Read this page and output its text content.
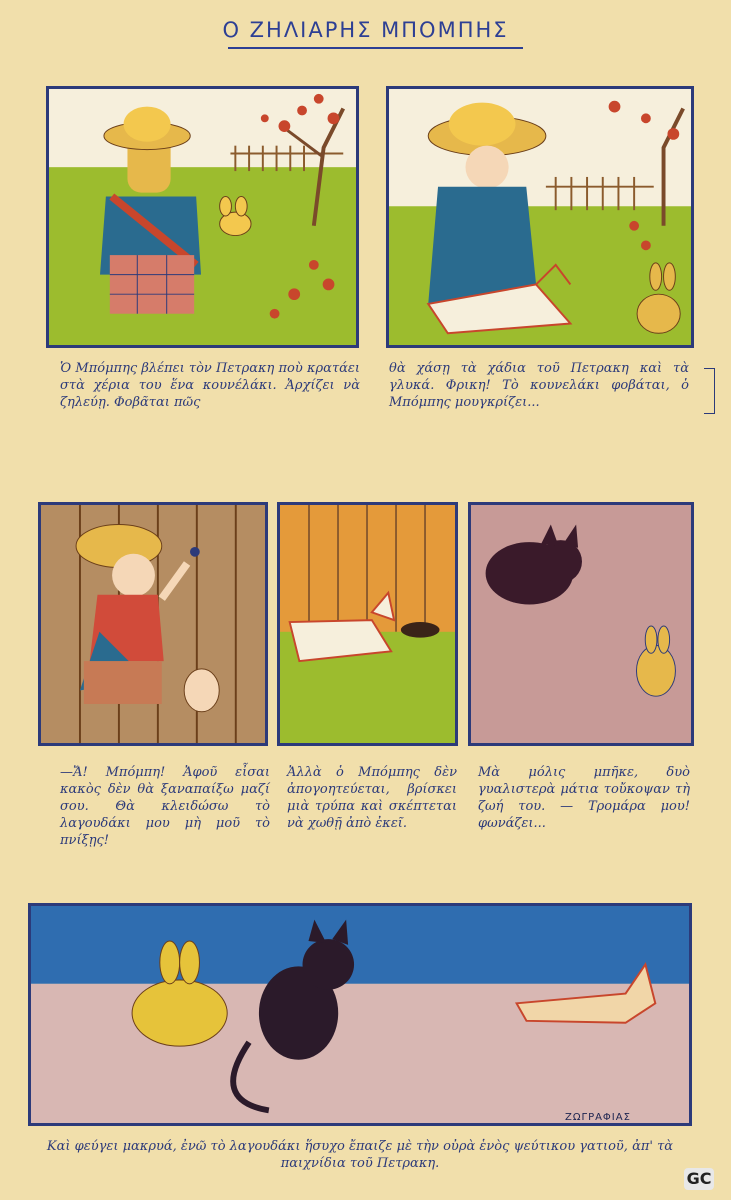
Ο ΖΗΛΙΑΡΗΣ ΜΠΟΜΠΗΣ
Ὁ Μπόμπης βλέπει τὸν Πετρακη ποὺ κρατάει στὰ χέρια του ἕνα κουνέλάκι. Ἀρχίζει νὰ ζηλεύῃ. Φοβᾶται πῶς
θὰ χάσῃ τὰ χάδια τοῦ Πετρακη καὶ τὰ γλυκά. Φρικη! Τὸ κουνελάκι φοβάται, ὁ Μπόμπης μουγκρίζει...
—Ἄ! Μπόμπη! Ἀφοῦ εἶσαι κακὸς δὲν θὰ ξαναπαίξω μαζί σου. Θὰ κλειδώσω τὸ λαγουδάκι μου μὴ μοῦ τὸ πνίξῃς!
Ἀλλὰ ὁ Μπόμπης δὲν ἀπογοητεύεται, βρίσκει μιὰ τρύπα καὶ σκέπτεται νὰ χωθῇ ἀπὸ ἐκεῖ.
Μὰ μόλις μπῆκε, δυὸ γυαλιστερὰ μάτια τοὔκοψαν τὴ ζωή του. — Τρομάρα μου! φωνάζει...
ΖΩΓΡΑΦΙΑΣ
Καὶ φεύγει μακρυά, ἐνῶ τὸ λαγουδάκι ἥσυχο ἔπαιζε μὲ τὴν οὐρὰ ἑνὸς ψεύτικου γατιοῦ, ἀπ' τὰ παιχνίδια τοῦ Πετρακη.
GC
